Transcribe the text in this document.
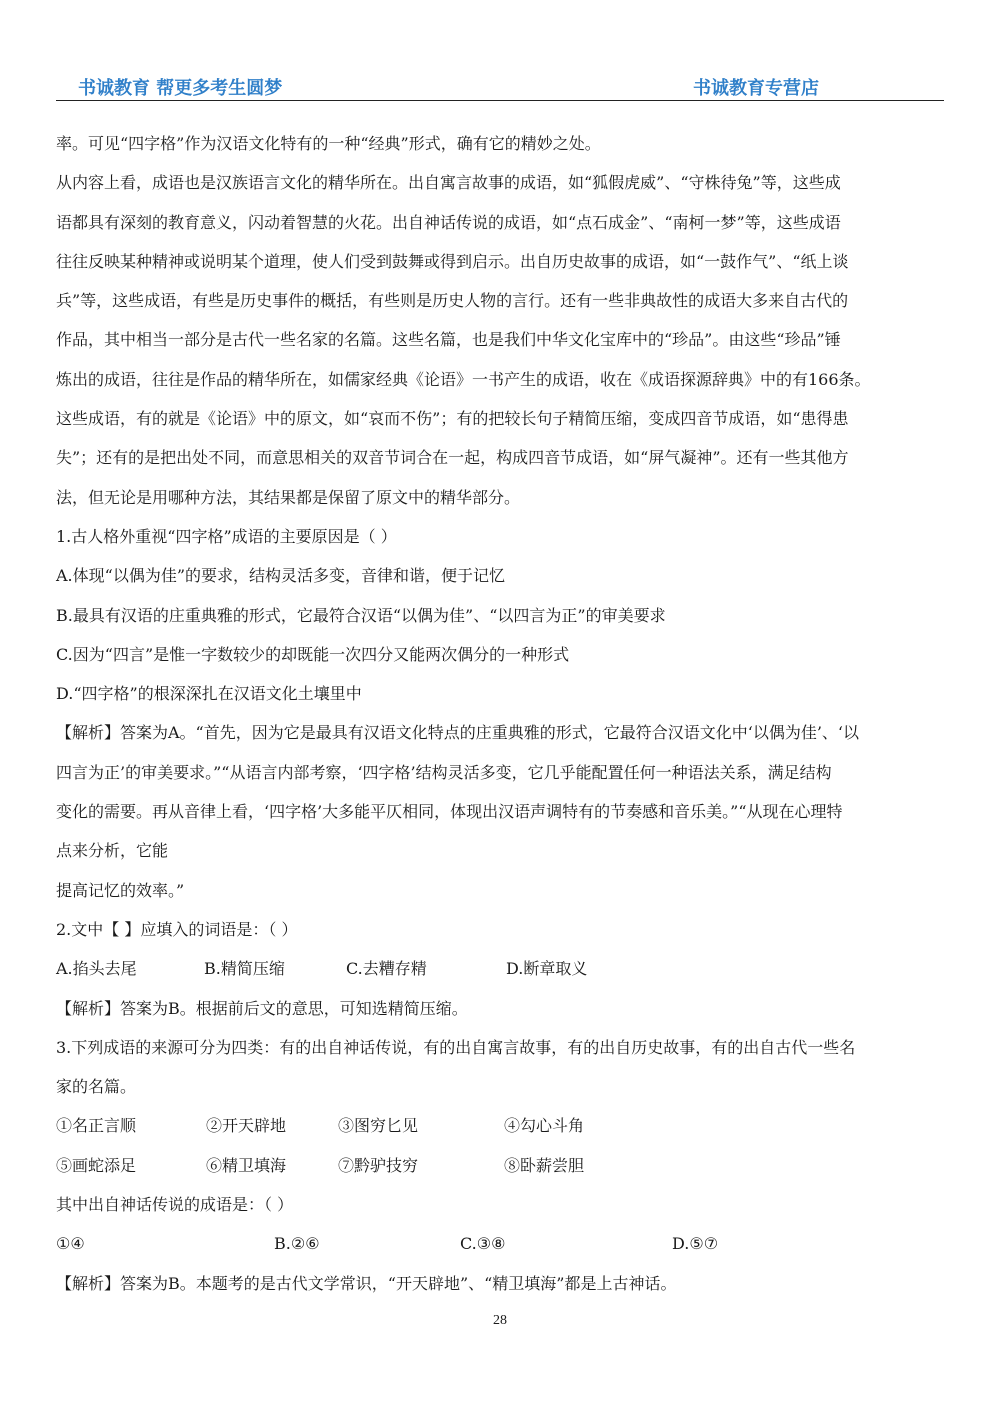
书诚教育 帮更多考生圆梦	书诚教育专营店

率。可见“四字格”作为汉语文化特有的一种“经典”形式，确有它的精妙之处。

从内容上看，成语也是汉族语言文化的精华所在。出自寓言故事的成语，如“狐假虎威”、“守株待兔”等，这些成

语都具有深刻的教育意义，闪动着智慧的火花。出自神话传说的成语，如“点石成金”、“南柯一梦”等，这些成语

往往反映某种精神或说明某个道理，使人们受到鼓舞或得到启示。出自历史故事的成语，如“一鼓作气”、“纸上谈

兵”等，这些成语，有些是历史事件的概括，有些则是历史人物的言行。还有一些非典故性的成语大多来自古代的

作品，其中相当一部分是古代一些名家的名篇。这些名篇，也是我们中华文化宝库中的“珍品”。由这些“珍品”锤

炼出的成语，往往是作品的精华所在，如儒家经典《论语》一书产生的成语，收在《成语探源辞典》中的有166条。

这些成语，有的就是《论语》中的原文，如“哀而不伤”；有的把较长句子精简压缩，变成四音节成语，如“患得患

失”；还有的是把出处不同，而意思相关的双音节词合在一起，构成四音节成语，如“屏气凝神”。还有一些其他方

法，但无论是用哪种方法，其结果都是保留了原文中的精华部分。

1.古人格外重视“四字格”成语的主要原因是（ ）

A.体现“以偶为佳”的要求，结构灵活多变，音律和谐，便于记忆

B.最具有汉语的庄重典雅的形式，它最符合汉语“以偶为佳”、“以四言为正”的审美要求

C.因为“四言”是惟一字数较少的却既能一次四分又能两次偶分的一种形式

D.“四字格”的根深深扎在汉语文化土壤里中

【解析】答案为A。“首先，因为它是最具有汉语文化特点的庄重典雅的形式，它最符合汉语文化中‘以偶为佳’、‘以

四言为正’的审美要求。”“从语言内部考察，‘四字格’结构灵活多变，它几乎能配置任何一种语法关系，满足结构

变化的需要。再从音律上看，‘四字格’大多能平仄相同，体现出汉语声调特有的节奏感和音乐美。”“从现在心理特

点来分析，它能

提高记忆的效率。”

2.文中【 】应填入的词语是：（ ）

A.掐头去尾	B.精简压缩	C.去糟存精	D.断章取义

【解析】答案为B。根据前后文的意思，可知选精简压缩。

3.下列成语的来源可分为四类：有的出自神话传说，有的出自寓言故事，有的出自历史故事，有的出自古代一些名

家的名篇。

①名正言顺	②开天辟地	③图穷匕见	④勾心斗角
⑤画蛇添足	⑥精卫填海	⑦黔驴技穷	⑧卧薪尝胆

其中出自神话传说的成语是：（ ）

①④	B.②⑥	C.③⑧	D.⑤⑦

【解析】答案为B。本题考的是古代文学常识，“开天辟地”、“精卫填海”都是上古神话。

28
